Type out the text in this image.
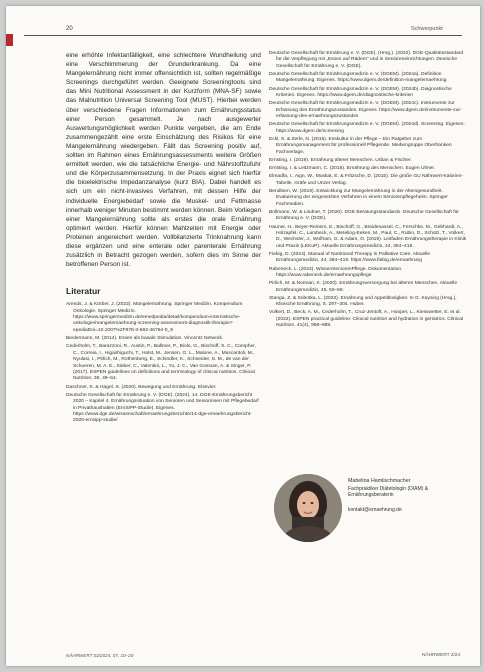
20	Schwerpunkt

eine erhöhte Infektanfälligkeit, eine schlechtere Wundheilung und eine Verschlimmerung der Grunderkrankung. Da eine Mangelernährung nicht immer offensichtlich ist, sollten regelmäßige Screenings durchgeführt werden. Geeignete Screeningtools sind das Mini Nutritional Assessment in der Kurzform (MNA-SF) sowie das Malnutrition Universal Screening Tool (MUST). Hierbei werden über verschiedene Fragen Informationen zum Ernährungsstatus einer Person gesammelt. Je nach ausgewerter Auswertungsmöglichkeit werden Punkte vergeben, die am Ende zusammengezählt eine erste Einschätzung des Risikos für eine Mangelernährung wiedergeben. Fällt das Screening positiv auf, sollten im Rahmen eines Ernährungsassessments weitere Größen ermittelt werden, wie die tatsächliche Energie- und Nährstoffzufuhr und die Körperzusammensetzung. In der Praxis eignet sich hierfür die bioelektrische Impedanzanalyse (kurz BIA). Dabei handelt es sich um ein nicht-invasives Verfahren, mit dessen Hilfe der individuelle Energiebedarf sowie die Muskel- und Fettmasse innerhalb weniger Minuten bestimmt werden können. Beim Vorliegen einer Mangelernährung sollte als erstes die orale Ernährung optimiert werden. Hierfür können Mahlzeiten mit Energie oder Proteinen angereichert werden. Vollbilanzierte Trinknahrung kann diese ergänzen und eine enterale oder parenterale Ernährung zusätzlich in Betracht gezogen werden, sofern dies im Sinne der betroffenen Person ist.

Literatur

Arends, J. & Körber, J. (2022). Mangelernährung. Springer Medizin. Kompendium Onkologie. Springer Medizin. https://www.springermedizin.de/emedpedia/detail/kompendium-internistische-onkologie/mangelernaehrung-screening-assessment-diagnostik-therapie?epediaDoi=10.1007%2F978-3-662-46764-0_9

Biedermann, M. (2014). Essen als basale Stimulation. Vincentz Network.

Cederholm, T., Barazzoni, R., Austin, P., Ballmer, P., Biolo, G., Bischoff, S. C., Compher, C., Correia, I., Higashiguchi, T., Holst, M., Jensen, G. L., Malone, A., Muscaritoli, M., Nyulasi, I., Pirlich, M., Rothenberg, E., Schindler, K., Schneider, S. M., de van der Schueren, M. A. E., Sieber, C., Valentini, L., Yu, J. C., Van Gossum, A. & Singer, P. (2017). ESPEN guidelines on definitions and terminology of clinical nutrition. Clinical Nutrition, 36, 49–64.

Daschner, S. & Hagel, S. (2020). Bewegung und Ernährung. Elsevier.

Deutsche Gesellschaft für Ernährung e. V. (DGE). (2024). 14. DGE-Ernährungsbericht 2020 – Kapitel 4. Ernährungssituation von Senioren und Seniorinnen mit Pflegebedarf in Privathaushalten (ErnSiPP-Studie). Eigenes. https://www.dge.de/wissenschaft/ernaehrungsberichte/14-dge-ernaehrungsbericht-2020-ernsipp-studie/

Deutsche Gesellschaft für Ernährung e. V. (DGE). (Hrsg.). (2022). DGE-Qualitätsstandard für die Verpflegung mit „Essen auf Rädern“ und in Senioreneinrichtungen. Deutsche Gesellschaft für Ernährung e. V. (DGE).

Deutsche Gesellschaft für Ernährungsmedizin e. V. (DGEM). (2024a). Definition Mangelernährung. Eigenes. https://www.dgem.de/definition-mangelernaehrung

Deutsche Gesellschaft für Ernährungsmedizin e. V. (DGEM). (2024b). Diagnostische Kriterien. Eigenes. https://www.dgem.de/diagnostische-kriterien

Deutsche Gesellschaft für Ernährungsmedizin e. V. (DGEM). (2024c). Instrumente zur Erfassung des Ernährungszustandes. Eigenes. https://www.dgem.de/instrumente-zur-erfassung-des-ernaehrungszustandes

Deutsche Gesellschaft für Ernährungsmedizin e. V. (DGEM). (2024d). Screening. Eigenes. https://www.dgem.de/screening

Eckl, S. & Zerle, N. (2015). Esskultur in der Pflege – Ein Ratgeber zum Ernährungsmanagement für professionell Pflegende. Mediengruppe Oberfranken Fachverlage.

Ernsting, I. (2019). Ernährung älterer Menschen. Urban & Fischer.

Ernsting, I. & Leitzmann, C. (2016). Ernährung des Menschen. Eugen Ulmer.

Elmadfa, I., Aign, W., Muskat, E. & Fritzsche, D. (2015). Die große GU Nährwert-Kalorien-Tabelle. Gräfe und Unzer Verlag.

Bendtsen, W. (2019). Entwicklung zur Mangelernährung in der Altersgesundheit. Evaluierung der eingesetzten Verfahren in einem Seniorenpflegeheim. Springer Fachmedien.

Bollmann, W. & Lindner, T. (2020). DGE Beratungsstandards. Deutsche Gesellschaft für Ernährung e. V. (DGE).

Hauner, H., Beyer-Reiners, E., Bischoff, G., Breidenassel, C., Ferschke, M., Gebhardt, A., Holzapfel, C., Lambeck, A., Meteling-Eeken, M., Paul, C., Rubin, D., Schütz, T., Volkert, D., Wechsler, J., Wolfram, G. & Adam, O. (2019). Leitfaden Ernährungstherapie in Klinik und Praxis (LEKuP). Aktuelle Ernährungsmedizin, 44, 384–419.

Fiebig, D. (2024). Manual of Nutritional Therapy in Palliative Care. Aktuelle Ernährungsmedizin, 44, 384–419. https://www.fiebig.de/ernaehrung

Rabeneck, L. (2024). WissenSeniorenPflege. Dokumentation. https://www.rabeneck.de/ernaehrungspflege

Pirlich, M. & Norman, K. (2020). Ernährungsversorgung bei älteren Menschen. Aktuelle Ernährungsmedizin, 45, 50–59.

Stanga, Z. & Sobotka, L. (2023). Ernährung und Appetitlosigkeit. In G. Kaysing (Hrsg.), Klinische Ernährung, S. 297–304. Huber.

Volkert, D., Beck, A. M., Cederholm, T., Cruz-Jentoft, A., Hooper, L., Kiesswetter, E. et al. (2022). ESPEN practical guideline: Clinical nutrition and hydration in geriatrics. Clinical Nutrition, 41(4), 958–989.

Mabelina Hamilschmacher

Fachpraktiker Diätetologin (DIAM) & Ernährungsberaterin

kontakt@ernaehrung.de

NÄHRWERT 02/2024, 07, 10–20	NÄHRWERT 2/24
